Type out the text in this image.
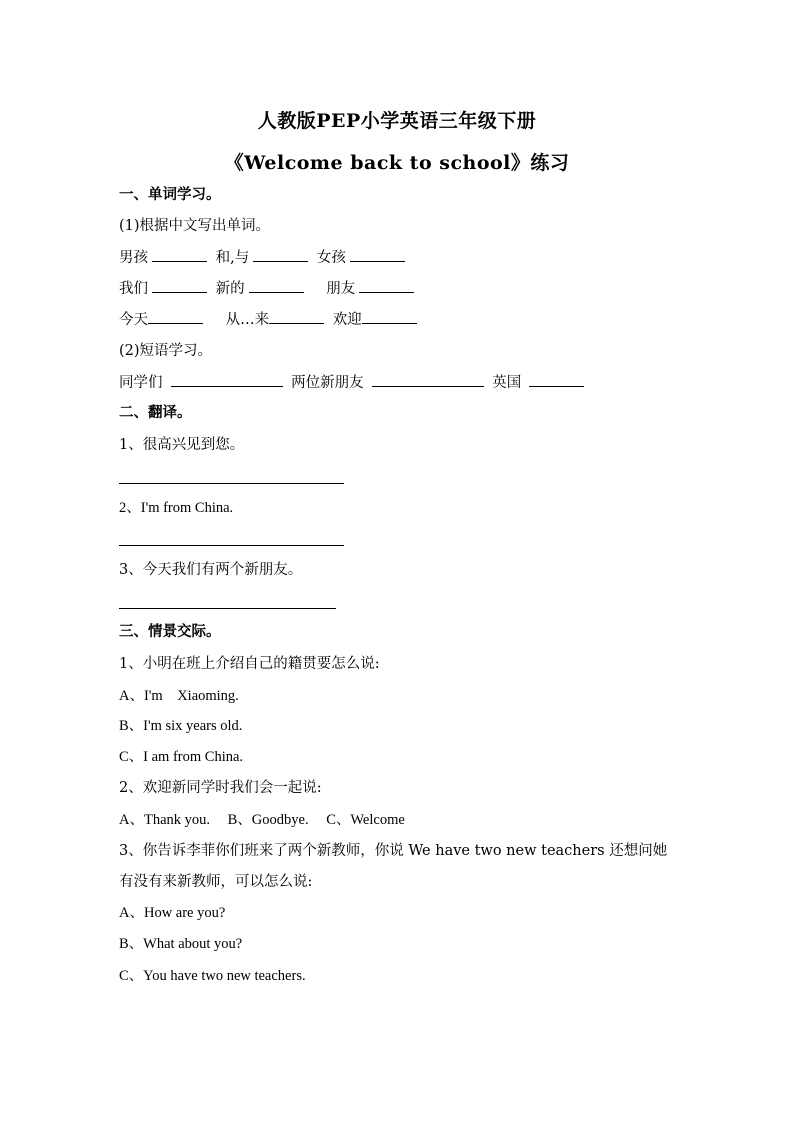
人教版PEP小学英语三年级下册
《Welcome back to school》练习
一、单词学习。
(1)根据中文写出单词。
男孩	和,与	女孩
我们	新的	朋友
今天	从…来	欢迎
(2)短语学习。
同学们	两位新朋友	英国
二、翻译。
1、很高兴见到您。
2、I'm from China.
3、今天我们有两个新朋友。
三、情景交际。
1、小明在班上介绍自己的籍贯要怎么说:
A、I'm    Xiaoming.
B、I'm six years old.
C、I am from China.
2、欢迎新同学时我们会一起说:
A、Thank you. B、Goodbye. C、Welcome
3、你告诉李菲你们班来了两个新教师，你说 We have two new teachers 还想问她
有没有来新教师，可以怎么说:
A、How are you?
B、What about you?
C、You have two new teachers.
